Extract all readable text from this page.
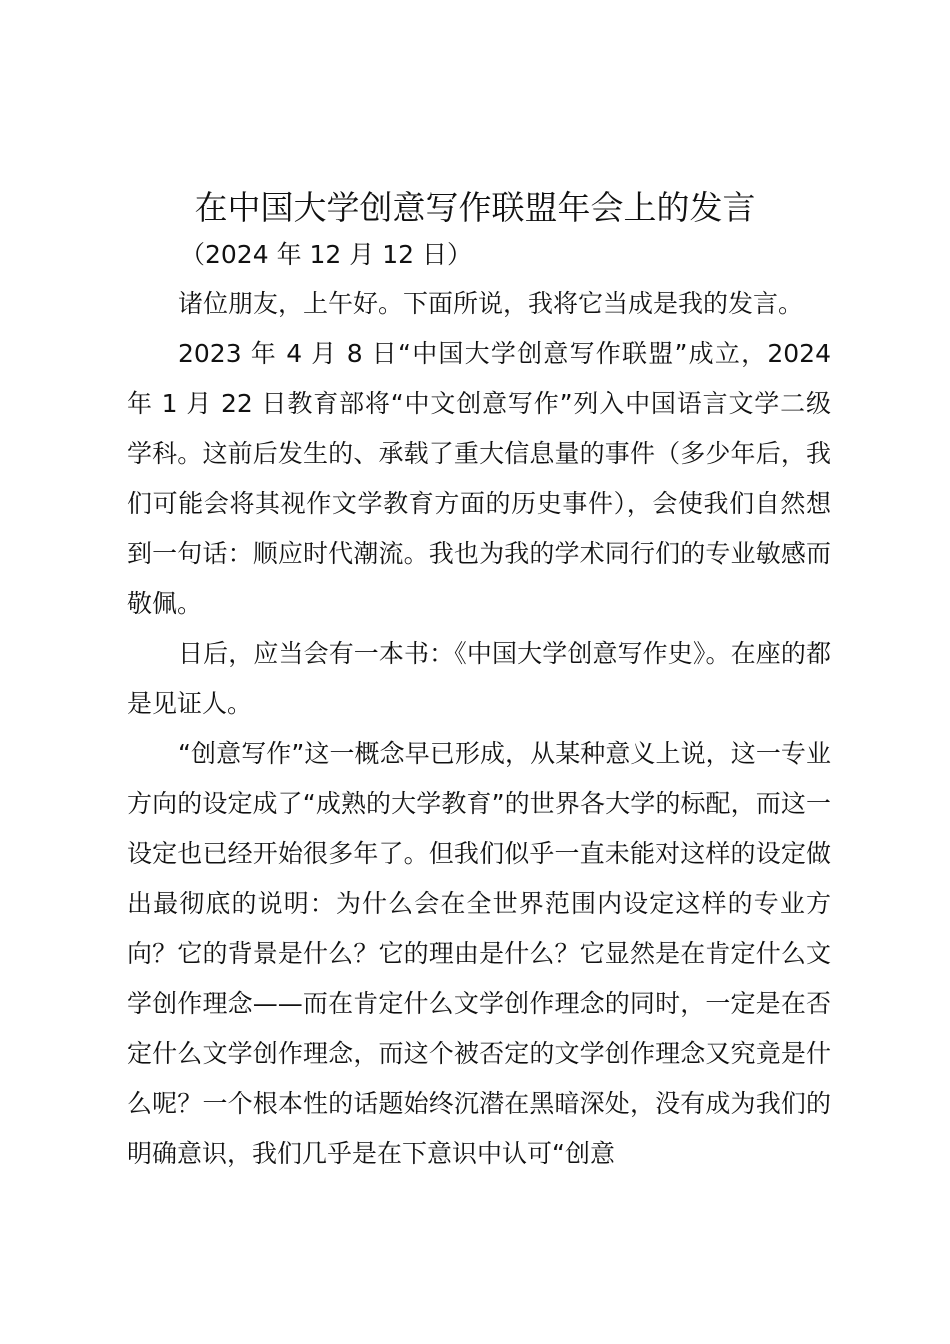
在中国大学创意写作联盟年会上的发言
（2024 年 12 月 12 日）

诸位朋友，上午好。下面所说，我将它当成是我的发言。

2023 年 4 月 8 日“中国大学创意写作联盟”成立，2024 年 1 月 22 日教育部将“中文创意写作”列入中国语言文学二级学科。这前后发生的、承载了重大信息量的事件（多少年后，我们可能会将其视作文学教育方面的历史事件），会使我们自然想到一句话：顺应时代潮流。我也为我的学术同行们的专业敏感而敬佩。

日后，应当会有一本书：《中国大学创意写作史》。在座的都是见证人。

“创意写作”这一概念早已形成，从某种意义上说，这一专业方向的设定成了“成熟的大学教育”的世界各大学的标配，而这一设定也已经开始很多年了。但我们似乎一直未能对这样的设定做出最彻底的说明：为什么会在全世界范围内设定这样的专业方向？它的背景是什么？它的理由是什么？它显然是在肯定什么文学创作理念——而在肯定什么文学创作理念的同时，一定是在否定什么文学创作理念，而这个被否定的文学创作理念又究竟是什么呢？一个根本性的话题始终沉潜在黑暗深处，没有成为我们的明确意识，我们几乎是在下意识中认可“创意
